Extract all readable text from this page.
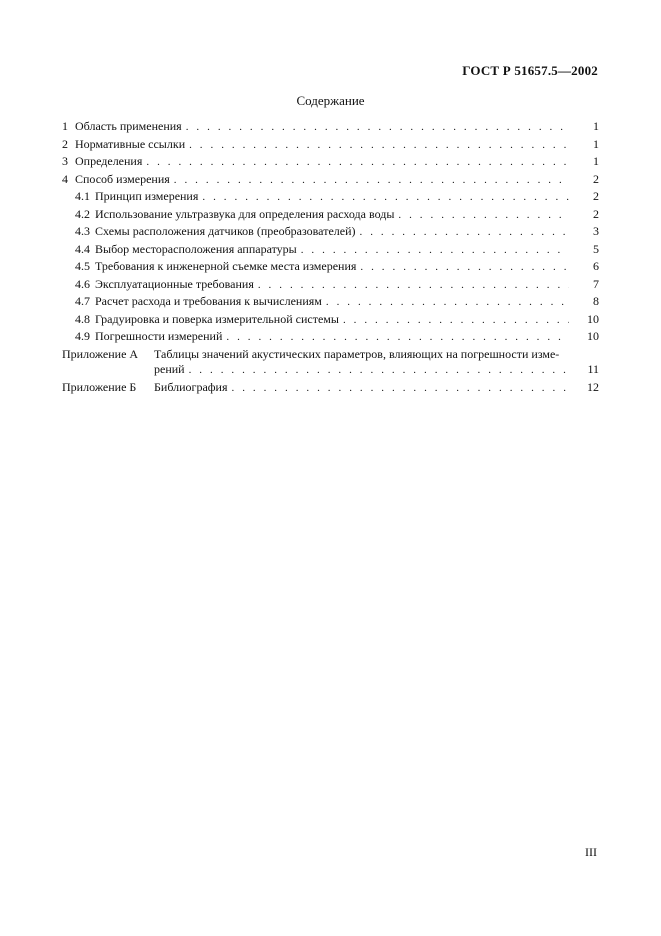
ГОСТ Р 51657.5—2002
Содержание
1 Область применения . . .	1
2 Нормативные ссылки . . .	1
3 Определения . . .	1
4 Способ измерения . . .	2
4.1 Принцип измерения . . .	2
4.2 Использование ультразвука для определения расхода воды . . .	2
4.3 Схемы расположения датчиков (преобразователей) . . .	3
4.4 Выбор месторасположения аппаратуры . . .	5
4.5 Требования к инженерной съемке места измерения . . .	6
4.6 Эксплуатационные требования . . .	7
4.7 Расчет расхода и требования к вычислениям . . .	8
4.8 Градуировка и поверка измерительной системы . . .	10
4.9 Погрешности измерений . . .	10
Приложение А	Таблицы значений акустических параметров, влияющих на погрешности изме-
рений . . .	11
Приложение Б	Библиография . . .	12
III
